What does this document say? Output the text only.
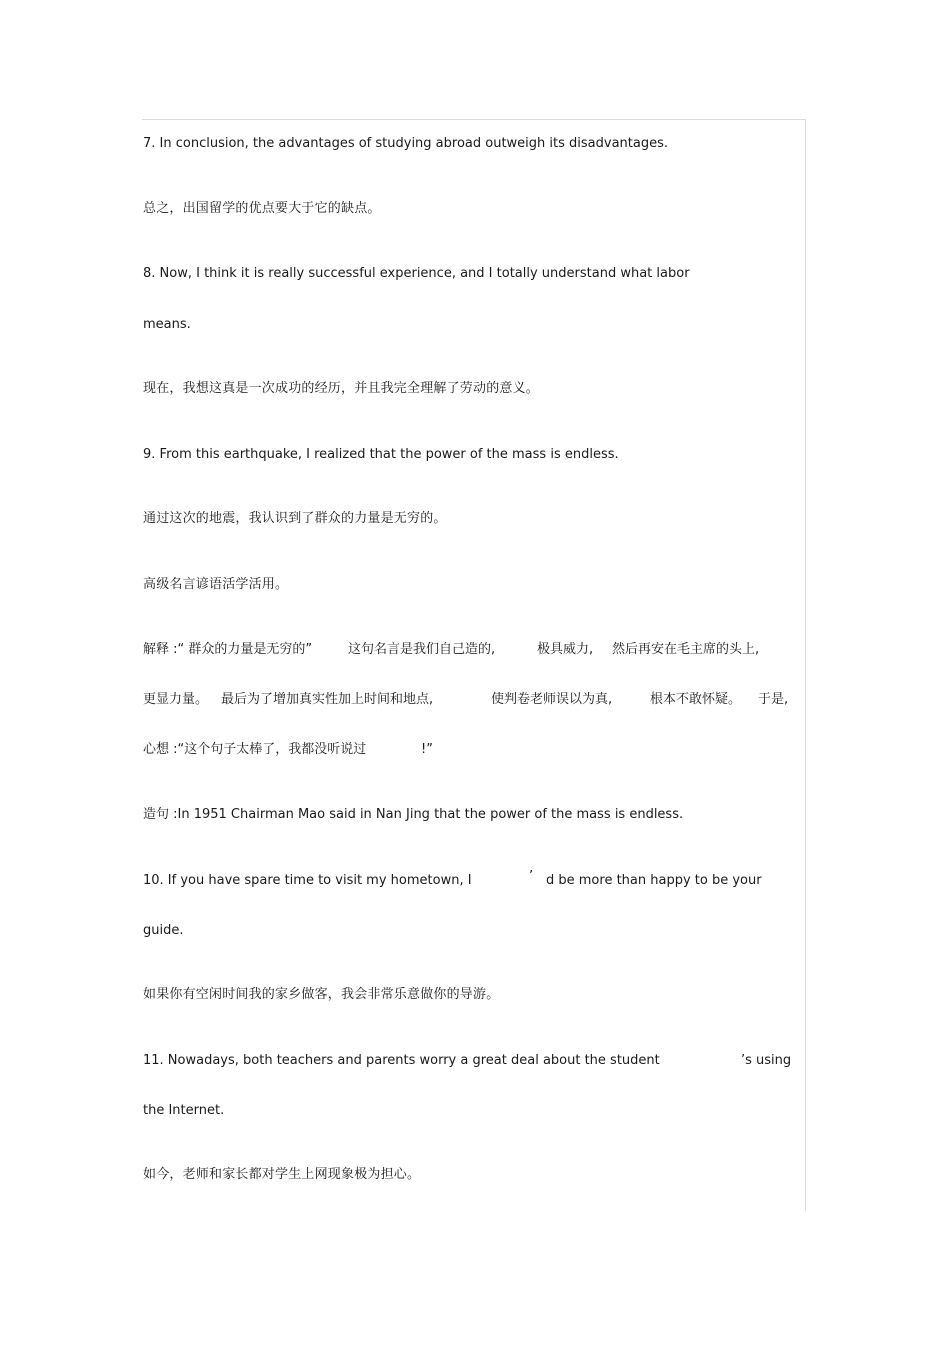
7. In conclusion, the advantages of studying abroad outweigh its disadvantages.
总之，出国留学的优点要大于它的缺点。
8. Now, I think it is really successful experience, and I totally understand what labor
means.
现在，我想这真是一次成功的经历，并且我完全理解了劳动的意义。
9. From this earthquake, I realized that the power of the mass is endless.
通过这次的地震，我认识到了群众的力量是无穷的。
高级名言谚语活学活用。
解释 :“ 群众的力量是无穷的”	这句名言是我们自己造的,	极具威力, 然后再安在毛主席的头上,
更显力量。 最后为了增加真实性加上时间和地点,	使判卷老师误以为真,	根本不敢怀疑。 于是,
心想 :“这个句子太棒了，我都没听说过	!”
造句 :In 1951 Chairman Mao said in Nan Jing that the power of the mass is endless.
10. If you have spare time to visit my hometown, I	’ d be more than happy to be your
guide.
如果你有空闲时间我的家乡做客，我会非常乐意做你的导游。
11. Nowadays, both teachers and parents worry a great deal about the student	’s using
the Internet.
如今，老师和家长都对学生上网现象极为担心。
